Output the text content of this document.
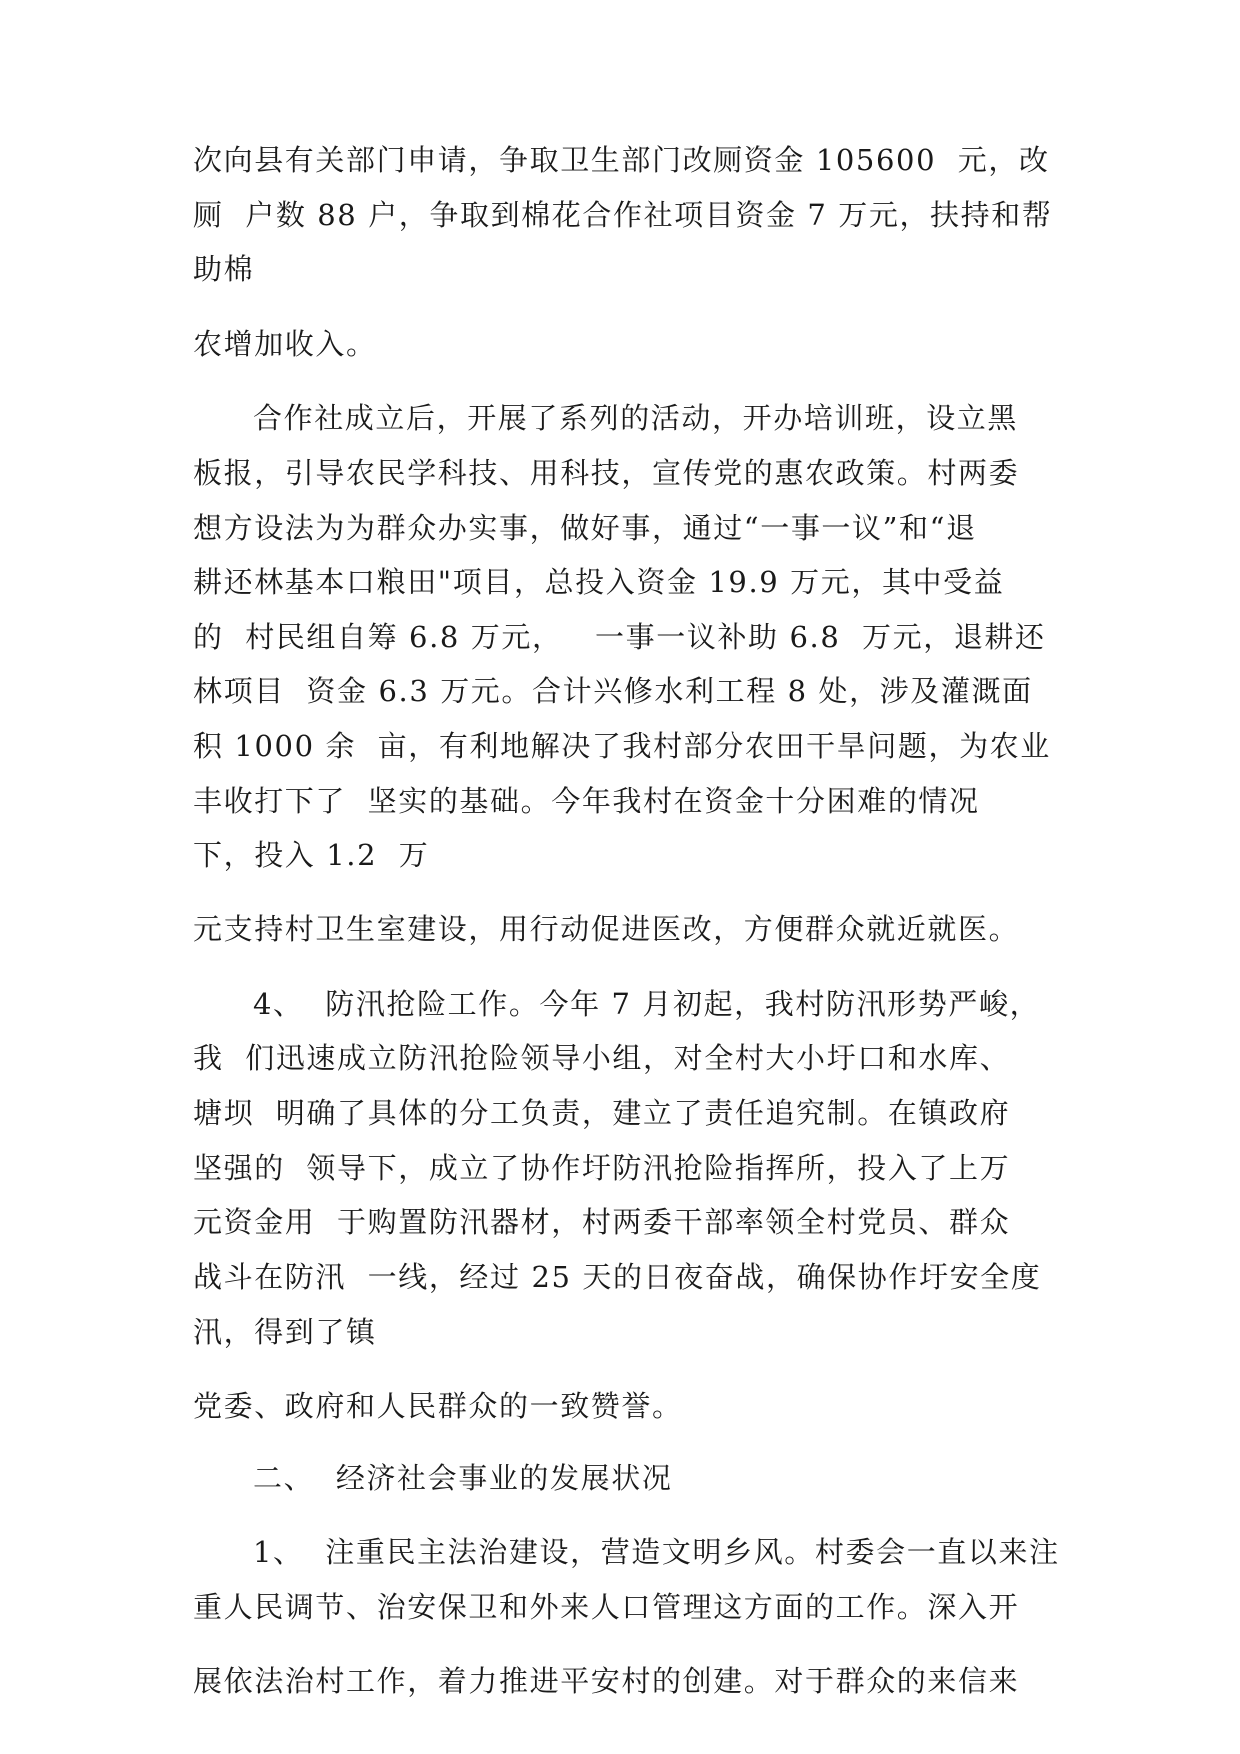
次向县有关部门申请，争取卫生部门改厕资金 105600  元，改

厕  户数 88 户，争取到棉花合作社项目资金 7 万元，扶持和帮

助棉

农增加收入。

合作社成立后，开展了系列的活动，开办培训班，设立黑

板报，引导农民学科技、用科技，宣传党的惠农政策。村两委

想方设法为为群众办实事，做好事，通过“一事一议”和“退

耕还林基本口粮田"项目，总投入资金 19.9 万元，其中受益

的  村民组自筹 6.8 万元，   一事一议补助 6.8  万元，退耕还

林项目  资金 6.3 万元。合计兴修水利工程 8 处，涉及灌溉面

积 1000 余  亩，有利地解决了我村部分农田干旱问题，为农业

丰收打下了  坚实的基础。今年我村在资金十分困难的情况

下，投入 1.2  万

元支持村卫生室建设，用行动促进医改，方便群众就近就医。

4、  防汛抢险工作。今年 7 月初起，我村防汛形势严峻，

我  们迅速成立防汛抢险领导小组，对全村大小圩口和水库、

塘坝  明确了具体的分工负责，建立了责任追究制。在镇政府

坚强的  领导下，成立了协作圩防汛抢险指挥所，投入了上万

元资金用  于购置防汛器材，村两委干部率领全村党员、群众

战斗在防汛  一线，经过 25 天的日夜奋战，确保协作圩安全度

汛，得到了镇

党委、政府和人民群众的一致赞誉。

二、  经济社会事业的发展状况

1、  注重民主法治建设，营造文明乡风。村委会一直以来注

重人民调节、治安保卫和外来人口管理这方面的工作。深入开

展依法治村工作，着力推进平安村的创建。对于群众的来信来
